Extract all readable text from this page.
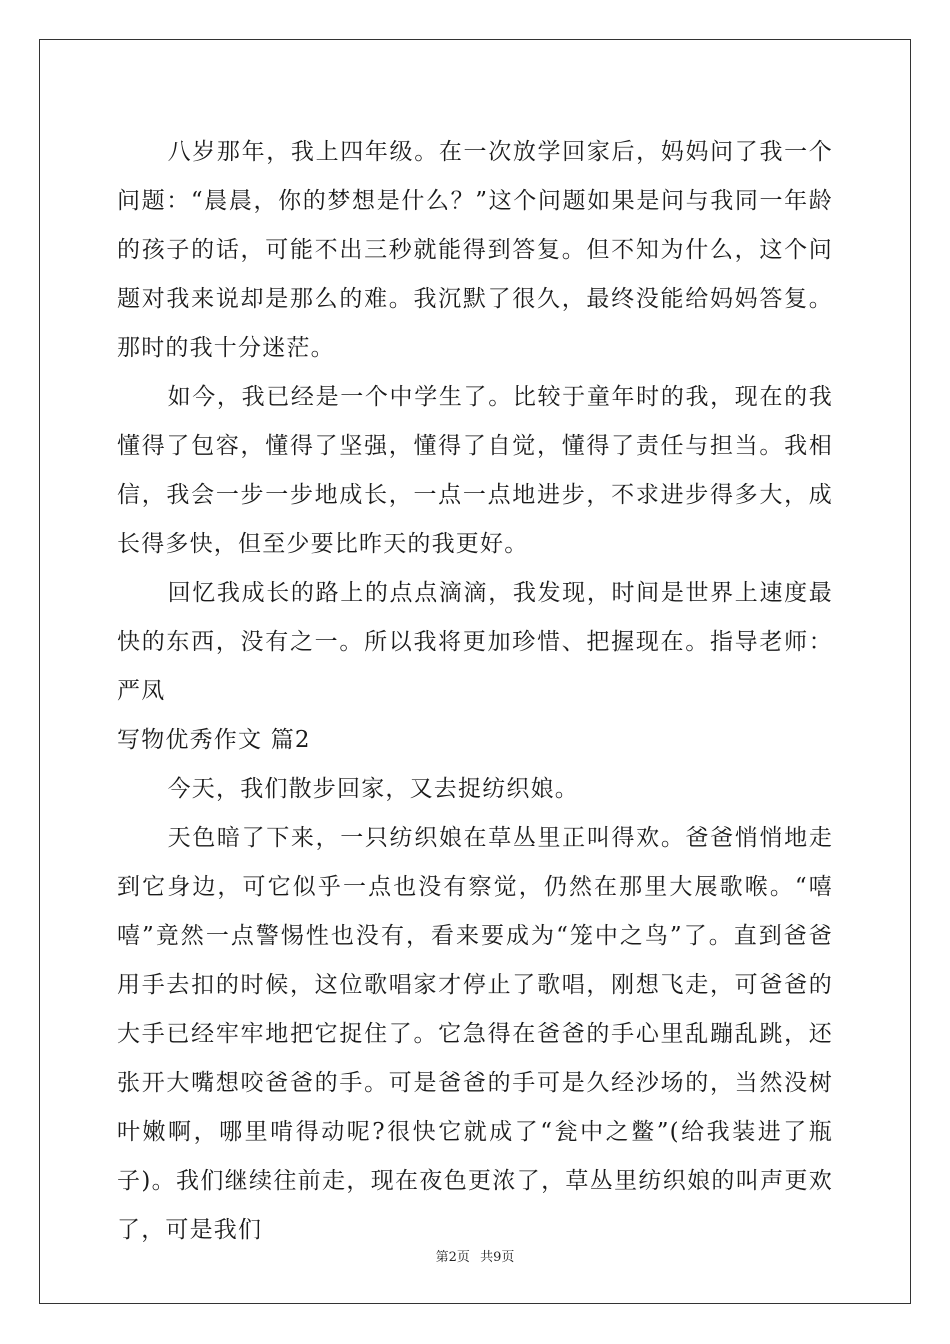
八岁那年，我上四年级。在一次放学回家后，妈妈问了我一个问题：“晨晨，你的梦想是什么？”这个问题如果是问与我同一年龄的孩子的话，可能不出三秒就能得到答复。但不知为什么，这个问题对我来说却是那么的难。我沉默了很久，最终没能给妈妈答复。那时的我十分迷茫。

如今，我已经是一个中学生了。比较于童年时的我，现在的我懂得了包容，懂得了坚强，懂得了自觉，懂得了责任与担当。我相信，我会一步一步地成长，一点一点地进步，不求进步得多大，成长得多快，但至少要比昨天的我更好。

回忆我成长的路上的点点滴滴，我发现，时间是世界上速度最快的东西，没有之一。所以我将更加珍惜、把握现在。指导老师：严凤

写物优秀作文 篇2

今天，我们散步回家，又去捉纺织娘。

天色暗了下来，一只纺织娘在草丛里正叫得欢。爸爸悄悄地走到它身边，可它似乎一点也没有察觉，仍然在那里大展歌喉。“嘻嘻”竟然一点警惕性也没有，看来要成为“笼中之鸟”了。直到爸爸用手去扣的时候，这位歌唱家才停止了歌唱，刚想飞走，可爸爸的大手已经牢牢地把它捉住了。它急得在爸爸的手心里乱蹦乱跳，还张开大嘴想咬爸爸的手。可是爸爸的手可是久经沙场的，当然没树叶嫩啊，哪里啃得动呢?很快它就成了“瓮中之鳖”(给我装进了瓶子)。我们继续往前走，现在夜色更浓了，草丛里纺织娘的叫声更欢了，可是我们

第2页 共9页
